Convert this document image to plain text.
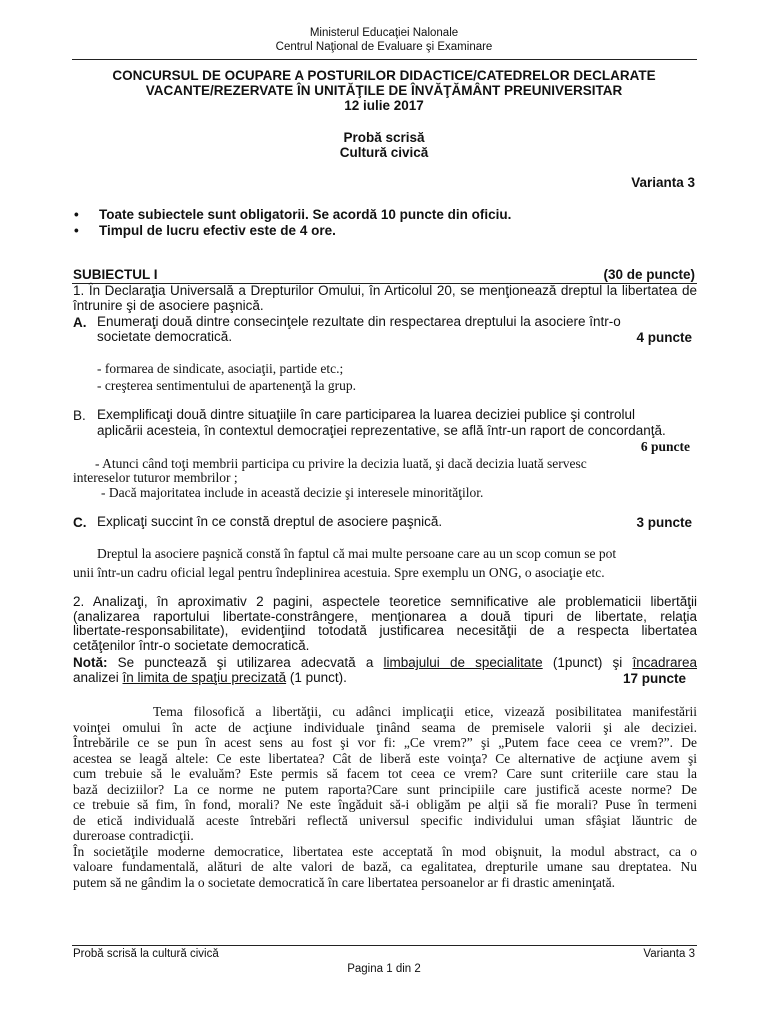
Ministerul Educaţiei Nalonale
Centrul Naţional de Evaluare şi Examinare
CONCURSUL DE OCUPARE A POSTURILOR DIDACTICE/CATEDRELOR DECLARATE
VACANTE/REZERVATE ÎN UNITĂŢILE DE ÎNVĂŢĂMÂNT PREUNIVERSITAR
12 iulie 2017
Probă scrisă
Cultură civică
Varianta 3
• Toate subiectele sunt obligatorii. Se acordă 10 puncte din oficiu.
• Timpul de lucru efectiv este de 4 ore.
SUBIECTUL I	(30 de puncte)
1. În Declaraţia Universală a Drepturilor Omului, în Articolul 20, se menţionează dreptul la libertatea de întrunire şi de asociere paşnică.
A. Enumeraţi două dintre consecinţele rezultate din respectarea dreptului la asociere într-o
societate democratică.	4 puncte
- formarea de sindicate, asociaţii, partide etc.;
- creşterea sentimentului de apartenenţă la grup.
B. Exemplificaţi două dintre situaţiile în care participarea la luarea deciziei publice şi controlul
aplicării acesteia, în contextul democraţiei reprezentative, se află într-un raport de concordanţă.
6 puncte
- Atunci când toţi membrii participa cu privire la decizia luată, şi dacă decizia luată servesc
intereselor tuturor membrilor ;
- Dacă majoritatea include in această decizie şi interesele minorităţilor.
C. Explicaţi succint în ce constă dreptul de asociere paşnică.	3 puncte
Dreptul la asociere paşnică constă în faptul că mai multe persoane care au un scop comun se pot
unii într-un cadru oficial legal pentru îndeplinirea acestuia. Spre exemplu un ONG, o asociaţie etc.
2. Analizaţi, în aproximativ 2 pagini, aspectele teoretice semnificative ale problematicii libertăţii
(analizarea raportului libertate-constrângere, menţionarea a două tipuri de libertate, relaţia
libertate-responsabilitate), evidenţiind totodată justificarea necesităţii de a respecta libertatea
cetăţenilor într-o societate democratică.
Notă: Se punctează şi utilizarea adecvată a limbajului de specialitate (1punct) şi încadrarea
analizei în limita de spaţiu precizată (1 punct).	17 puncte
Tema filosofică a libertăţii, cu adânci implicaţii etice, vizează posibilitatea manifestării
voinţei omului în acte de acţiune individuale ţinând seama de premisele valorii şi ale deciziei.
Întrebările ce se pun în acest sens au fost şi vor fi: „Ce vrem?” şi „Putem face ceea ce vrem?”. De
acestea se leagă altele: Ce este libertatea? Cât de liberă este voinţa? Ce alternative de acţiune avem şi
cum trebuie să le evaluăm? Este permis să facem tot ceea ce vrem? Care sunt criteriile care stau la
bază deciziilor? La ce norme ne putem raporta?Care sunt principiile care justifică aceste norme? De
ce trebuie să fim, în fond, morali? Ne este îngăduit să-i obligăm pe alţii să fie morali? Puse în termeni
de etică individuală aceste întrebări reflectă universul specific individului uman sfâşiat lăuntric de
dureroase contradicţii.
În societăţile moderne democratice, libertatea este acceptată în mod obişnuit, la modul abstract, ca o
valoare fundamentală, alături de alte valori de bază, ca egalitatea, drepturile umane sau dreptatea. Nu
putem să ne gândim la o societate democratică în care libertatea persoanelor ar fi drastic ameninţată.
Probă scrisă la cultură civică	Varianta 3
Pagina 1 din 2
